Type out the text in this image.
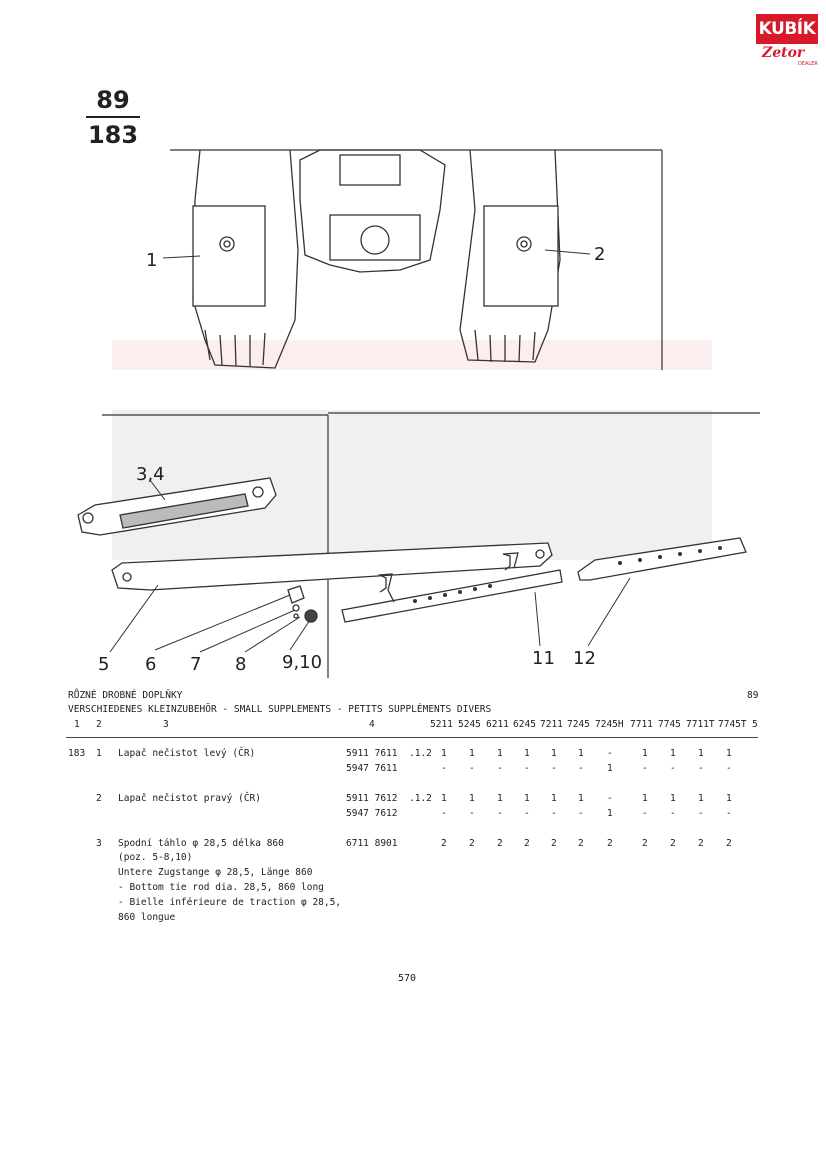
KUBÍK
Zetor
DEALER
89
183
1	2
3,4
5 6 7 8 9,10	11 12
RŮZNÉ DROBNÉ DOPLŇKY	89
VERSCHIEDENES KLEINZUBEHÖR - SMALL SUPPLEMENTS - PETITS SUPPLÉMENTS DIVERS
1 2	3	4	5211 5245 6211 6245 7211 7245 7245H 7711 7745 7711T 7745T 5
183 1 Lapač nečistot levý (ČR)	5911 7611 .1.2 1 1 1 1 1 1 -	1 1 1 1
5947 7611	- - - - - - 1	- - - -
2 Lapač nečistot pravý (ČR)	5911 7612 .1.2 1 1 1 1 1 1 -	1 1 1 1
5947 7612	- - - - - - 1	- - - -
3 Spodní táhlo φ 28,5 délka 860	6711 8901	2 2 2 2 2 2 2	2 2 2 2
(poz. 5-8,10)
Untere Zugstange φ 28,5, Länge 860
- Bottom tie rod dia. 28,5, 860 long
- Bielle inférieure de traction φ 28,5,
860 longue
570
